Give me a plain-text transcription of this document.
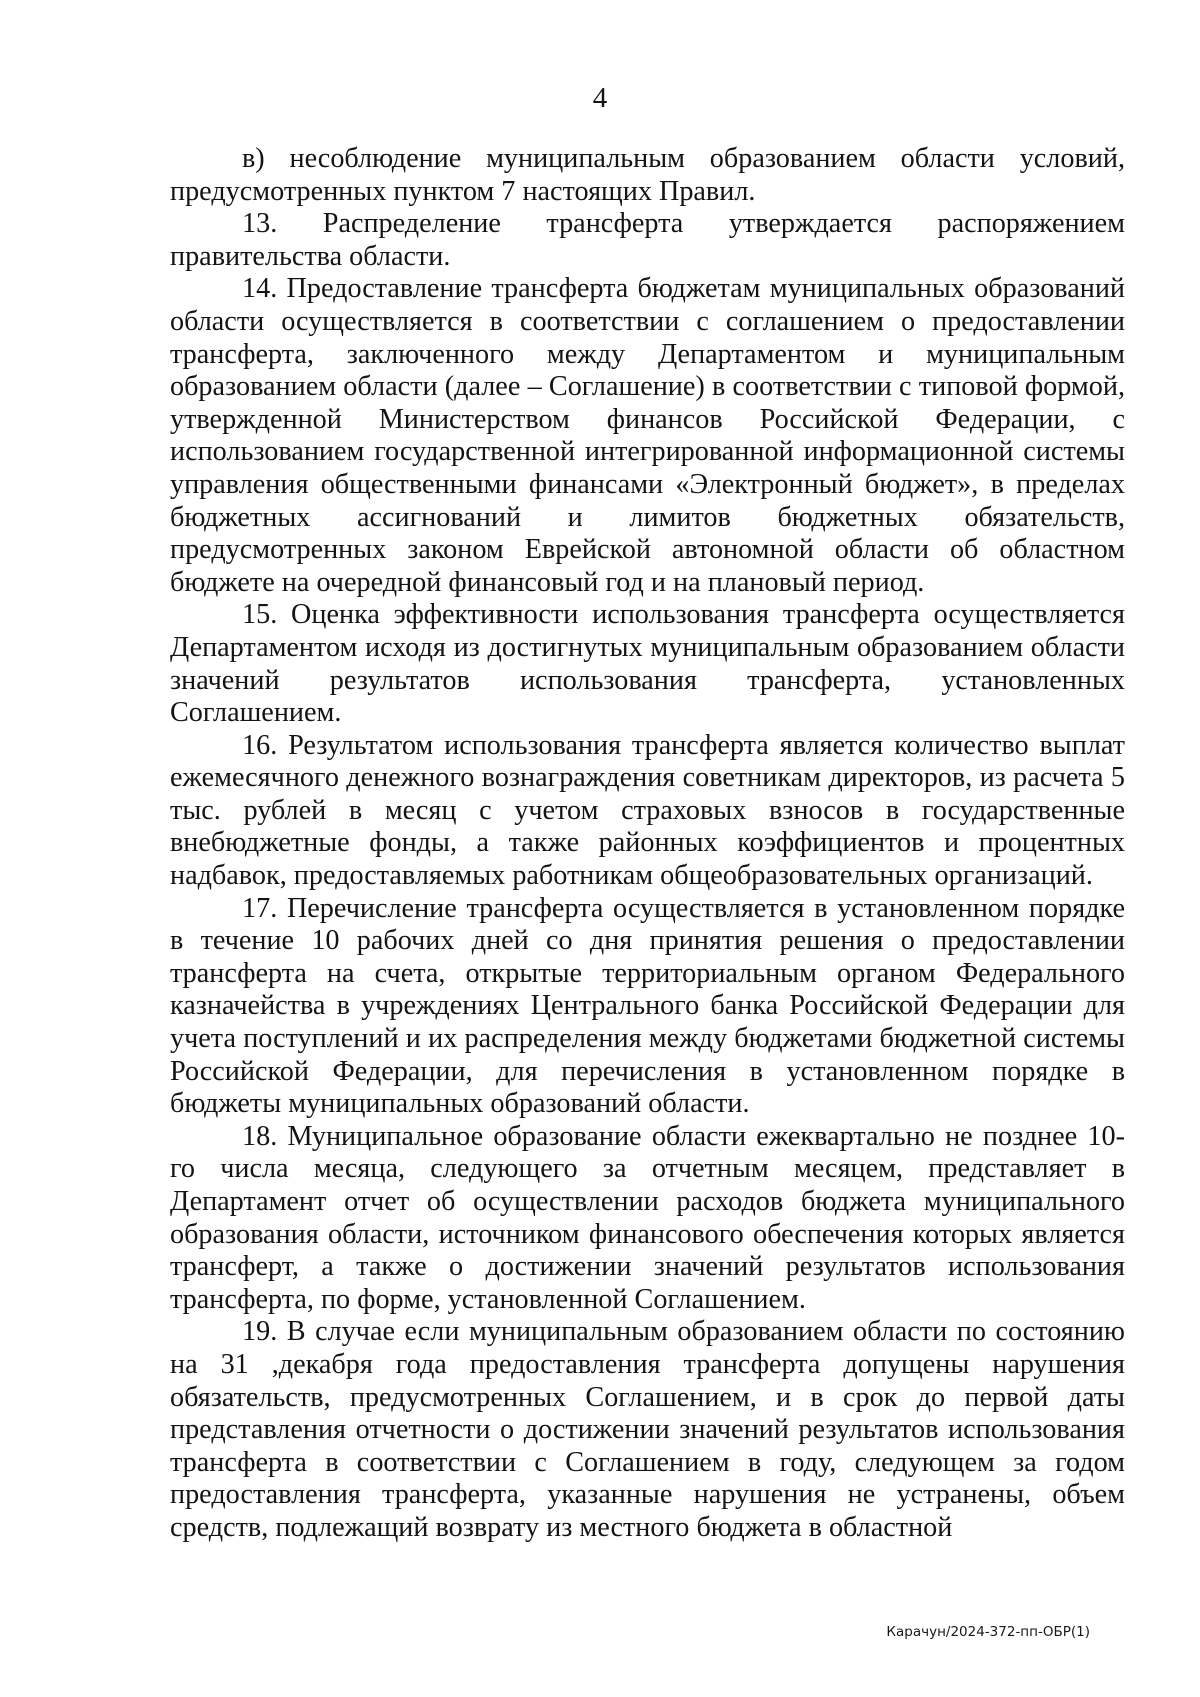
4

в) несоблюдение муниципальным образованием области условий, предусмотренных пунктом 7 настоящих Правил.

13. Распределение трансферта утверждается распоряжением правительства области.

14. Предоставление трансферта бюджетам муниципальных образований области осуществляется в соответствии с соглашением о предоставлении трансферта, заключенного между Департаментом и муниципальным образованием области (далее – Соглашение) в соответствии с типовой формой, утвержденной Министерством финансов Российской Федерации, с использованием государственной интегрированной информационной системы управления общественными финансами «Электронный бюджет», в пределах бюджетных ассигнований и лимитов бюджетных обязательств, предусмотренных законом Еврейской автономной области об областном бюджете на очередной финансовый год и на плановый период.

15. Оценка эффективности использования трансферта осуществляется Департаментом исходя из достигнутых муниципальным образованием области значений результатов использования трансферта, установленных Соглашением.

16. Результатом использования трансферта является количество выплат ежемесячного денежного вознаграждения советникам директоров, из расчета 5 тыс. рублей в месяц с учетом страховых взносов в государственные внебюджетные фонды, а также районных коэффициентов и процентных надбавок, предоставляемых работникам общеобразовательных организаций.

17. Перечисление трансферта осуществляется в установленном порядке в течение 10 рабочих дней со дня принятия решения о предоставлении трансферта на счета, открытые территориальным органом Федерального казначейства в учреждениях Центрального банка Российской Федерации для учета поступлений и их распределения между бюджетами бюджетной системы Российской Федерации, для перечисления в установленном порядке в бюджеты муниципальных образований области.

18. Муниципальное образование области ежеквартально не позднее 10-го числа месяца, следующего за отчетным месяцем, представляет в Департамент отчет об осуществлении расходов бюджета муниципального образования области, источником финансового обеспечения которых является трансферт, а также о достижении значений результатов использования трансферта, по форме, установленной Соглашением.

19. В случае если муниципальным образованием области по состоянию на 31 ,декабря года предоставления трансферта допущены нарушения обязательств, предусмотренных Соглашением, и в срок до первой даты представления отчетности о достижении значений результатов использования трансферта в соответствии с Соглашением в году, следующем за годом предоставления трансферта, указанные нарушения не устранены, объем средств, подлежащий возврату из местного бюджета в областной

Карачун/2024-372-пп-ОБР(1)
